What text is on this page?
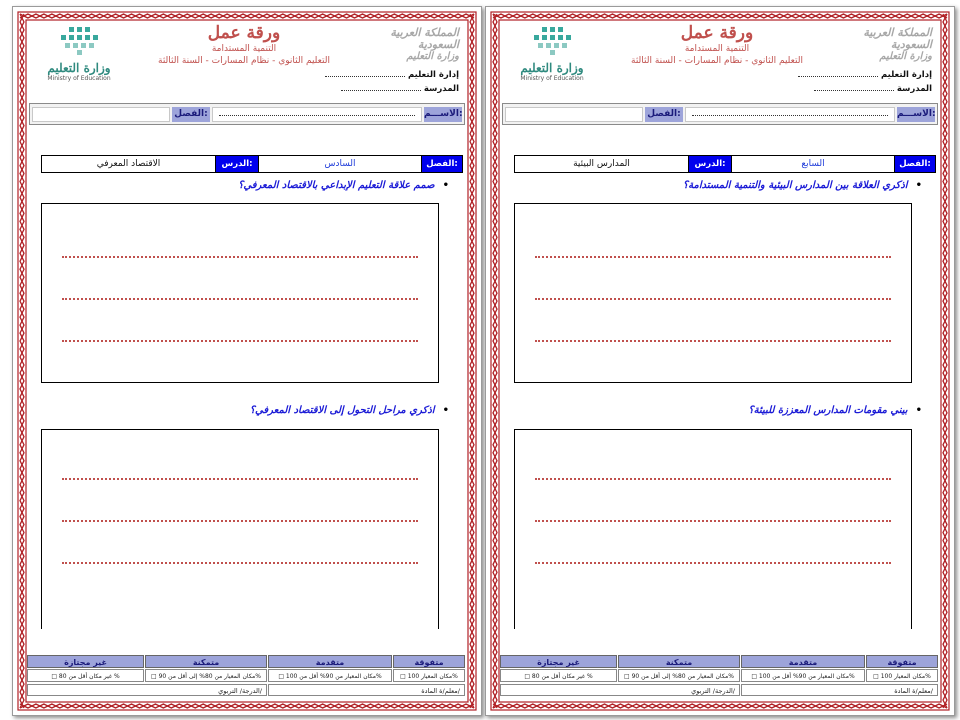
المملكة العربية السعودية
وزارة التعليم
إدارة التعليم
المدرسة
ورقة عمل
التنمية المستدامة
التعليم الثانوي - نظام المسارات - السنة الثالثة
وزارة التعليم
Ministry of Education
الاســـم:
الفصل:
الفصل:
السادس
الدرس:
الاقتصاد المعرفي
•صمم علاقة التعليم الإبداعي بالاقتصاد المعرفي؟
•اذكري مراحل التحول إلى الاقتصاد المعرفي؟
متفوقة
متقدمة
متمكنة
غير مجتازة
□ مكان المعيار 100%
□ مكان المعيار من 90% أقل من 100%
□ مكان المعيار من 80% إلى أقل من 90%
□ غير مكان أقل من 80 %
معلم/ة المادة/
الدرجة/ التربوي/
المملكة العربية السعودية
وزارة التعليم
إدارة التعليم
المدرسة
ورقة عمل
التنمية المستدامة
التعليم الثانوي - نظام المسارات - السنة الثالثة
وزارة التعليم
Ministry of Education
الاســـم:
الفصل:
الفصل:
السابع
الدرس:
المدارس البيئية
•اذكري العلاقة بين المدارس البيئية والتنمية المستدامة؟
•بيني مقومات المدارس المعززة للبيئة؟
متفوقة
متقدمة
متمكنة
غير مجتازة
□ مكان المعيار 100%
□ مكان المعيار من 90% أقل من 100%
□ مكان المعيار من 80% إلى أقل من 90%
□ غير مكان أقل من 80 %
معلم/ة المادة/
الدرجة/ التربوي/
